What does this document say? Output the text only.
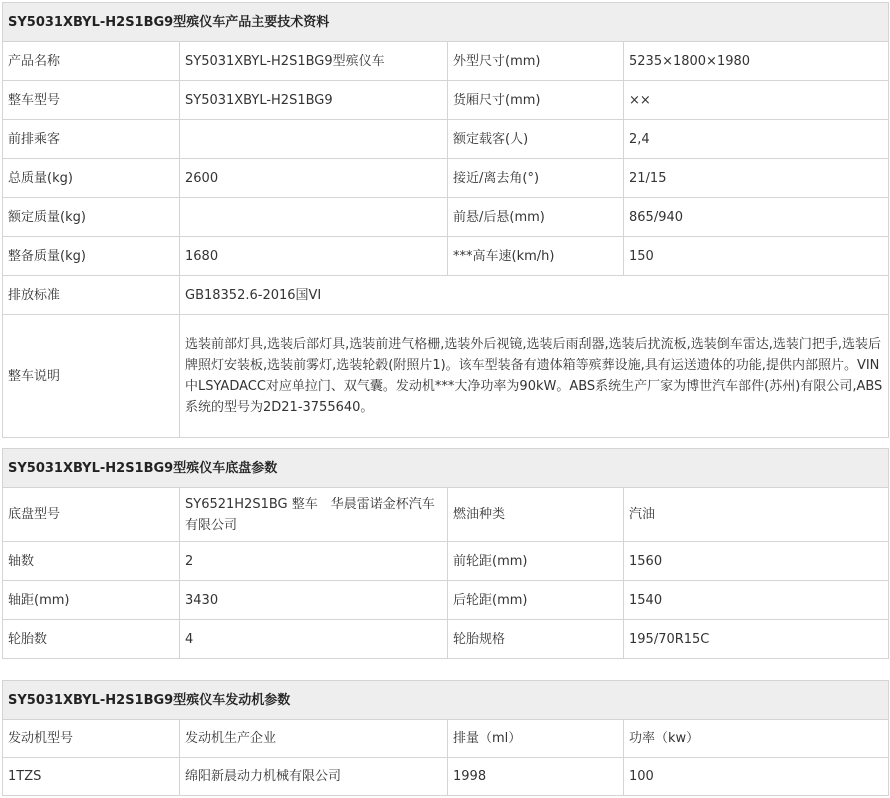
SY5031XBYL-H2S1BG9型殡仪车产品主要技术资料			
产品名称	SY5031XBYL-H2S1BG9型殡仪车	外型尺寸(mm)	5235×1800×1980
整车型号	SY5031XBYL-H2S1BG9	货厢尺寸(mm)	××
前排乘客		额定载客(人)	2,4
总质量(kg)	2600	接近/离去角(°)	21/15
额定质量(kg)		前悬/后悬(mm)	865/940
整备质量(kg)	1680	***高车速(km/h)	150
排放标准	GB18352.6-2016国VI		
整车说明	选装前部灯具,选装后部灯具,选装前进气格栅,选装外后视镜,选装后雨刮器,选装后扰流板,选装倒车雷达,选装门把手,选装后牌照灯安装板,选装前雾灯,选装轮毂(附照片1)。该车型装备有遗体箱等殡葬设施,具有运送遗体的功能,提供内部照片。VIN中LSYADACC对应单拉门、双气囊。发动机***大净功率为90kW。ABS系统生产厂家为博世汽车部件(苏州)有限公司,ABS系统的型号为2D21-3755640。		
SY5031XBYL-H2S1BG9型殡仪车底盘参数			
底盘型号	SY6521H2S1BG 整车　华晨雷诺金杯汽车有限公司	燃油种类	汽油
轴数	2	前轮距(mm)	1560
轴距(mm)	3430	后轮距(mm)	1540
轮胎数	4	轮胎规格	195/70R15C
SY5031XBYL-H2S1BG9型殡仪车发动机参数			
发动机型号	发动机生产企业	排量（ml）	功率（kw）
1TZS	绵阳新晨动力机械有限公司	1998	100
